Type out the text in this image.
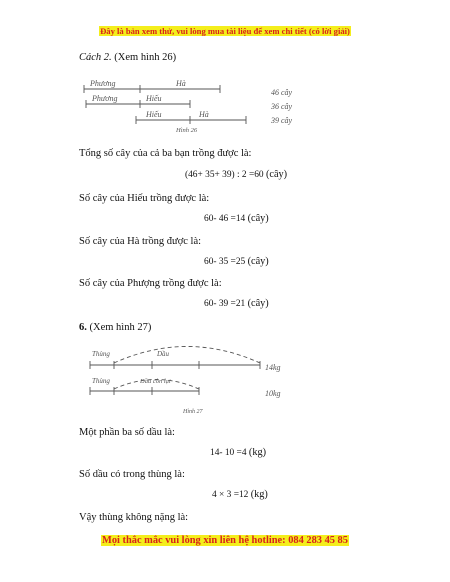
Đây là bản xem thử, vui lòng mua tài liệu để xem chi tiết (có lời giải)
Cách 2. (Xem hình 26)
Phương	Hà
46 cây
Phương	Hiếu
36 cây
Hiếu	Hà
39 cây
Hình 26
Tổng số cây của cả ba bạn trồng được là:
(46+ 35+ 39) : 2 =60 (cây)
Số cây của Hiếu trồng được là:
60- 46 =14 (cây)
Số cây của Hà trồng được là:
60- 35 =25 (cây)
Số cây của Phượng trồng được là:
60- 39 =21 (cây)
6. (Xem hình 27)
Thùng	Dầu
14kg
Thùng	Dầu còn lại
10kg
Hình 27
Một phần ba số dầu là:
14- 10 =4 (kg)
Số dầu có trong thùng là:
4 × 3 =12 (kg)
Vậy thùng không nặng là:
Mọi thắc mắc vui lòng xin liên hệ hotline: 084 283 45 85
